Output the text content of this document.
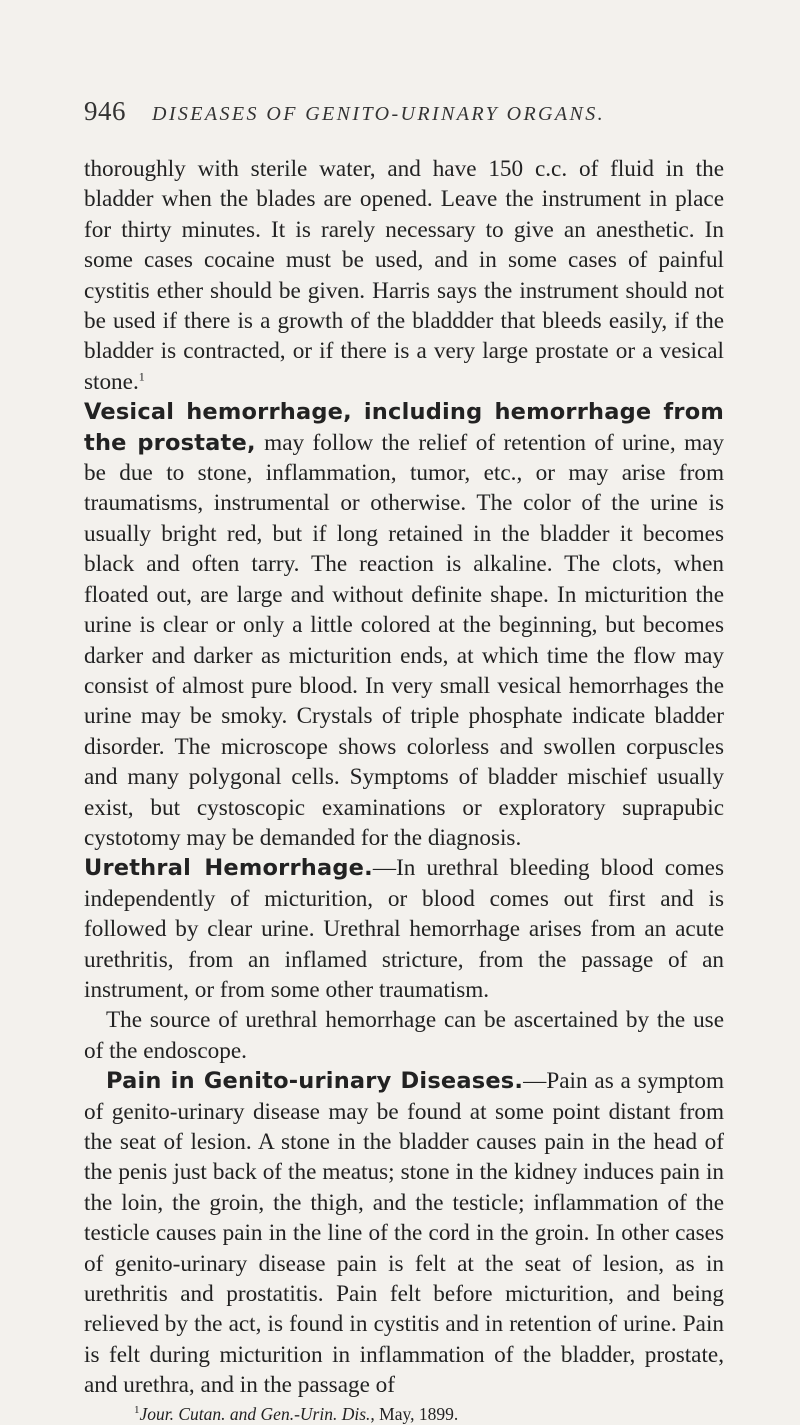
946 DISEASES OF GENITO-URINARY ORGANS.

thoroughly with sterile water, and have 150 c.c. of fluid in the bladder when the blades are opened. Leave the instrument in place for thirty minutes. It is rarely necessary to give an anesthetic. In some cases cocaine must be used, and in some cases of painful cystitis ether should be given. Harris says the instrument should not be used if there is a growth of the bladdder that bleeds easily, if the bladder is contracted, or if there is a very large prostate or a vesical stone.$^1$

Vesical hemorrhage, including hemorrhage from the prostate, may follow the relief of retention of urine, may be due to stone, inflammation, tumor, etc., or may arise from traumatisms, instrumental or otherwise. The color of the urine is usually bright red, but if long retained in the bladder it becomes black and often tarry. The reaction is alkaline. The clots, when floated out, are large and without definite shape. In micturition the urine is clear or only a little colored at the beginning, but becomes darker and darker as micturition ends, at which time the flow may consist of almost pure blood. In very small vesical hemorrhages the urine may be smoky. Crystals of triple phosphate indicate bladder disorder. The microscope shows colorless and swollen corpuscles and many polygonal cells. Symptoms of bladder mischief usually exist, but cystoscopic examinations or exploratory suprapubic cystotomy may be demanded for the diagnosis.

Urethral Hemorrhage.—In urethral bleeding blood comes independently of micturition, or blood comes out first and is followed by clear urine. Urethral hemorrhage arises from an acute urethritis, from an inflamed stricture, from the passage of an instrument, or from some other traumatism.

The source of urethral hemorrhage can be ascertained by the use of the endoscope.

Pain in Genito-urinary Diseases.—Pain as a symptom of genito-urinary disease may be found at some point distant from the seat of lesion. A stone in the bladder causes pain in the head of the penis just back of the meatus; stone in the kidney induces pain in the loin, the groin, the thigh, and the testicle; inflammation of the testicle causes pain in the line of the cord in the groin. In other cases of genito-urinary disease pain is felt at the seat of lesion, as in urethritis and prostatitis. Pain felt before micturition, and being relieved by the act, is found in cystitis and in retention of urine. Pain is felt during micturition in inflammation of the bladder, prostate, and urethra, and in the passage of

$^1$Jour. Cutan. and Gen.-Urin. Dis., May, 1899.
